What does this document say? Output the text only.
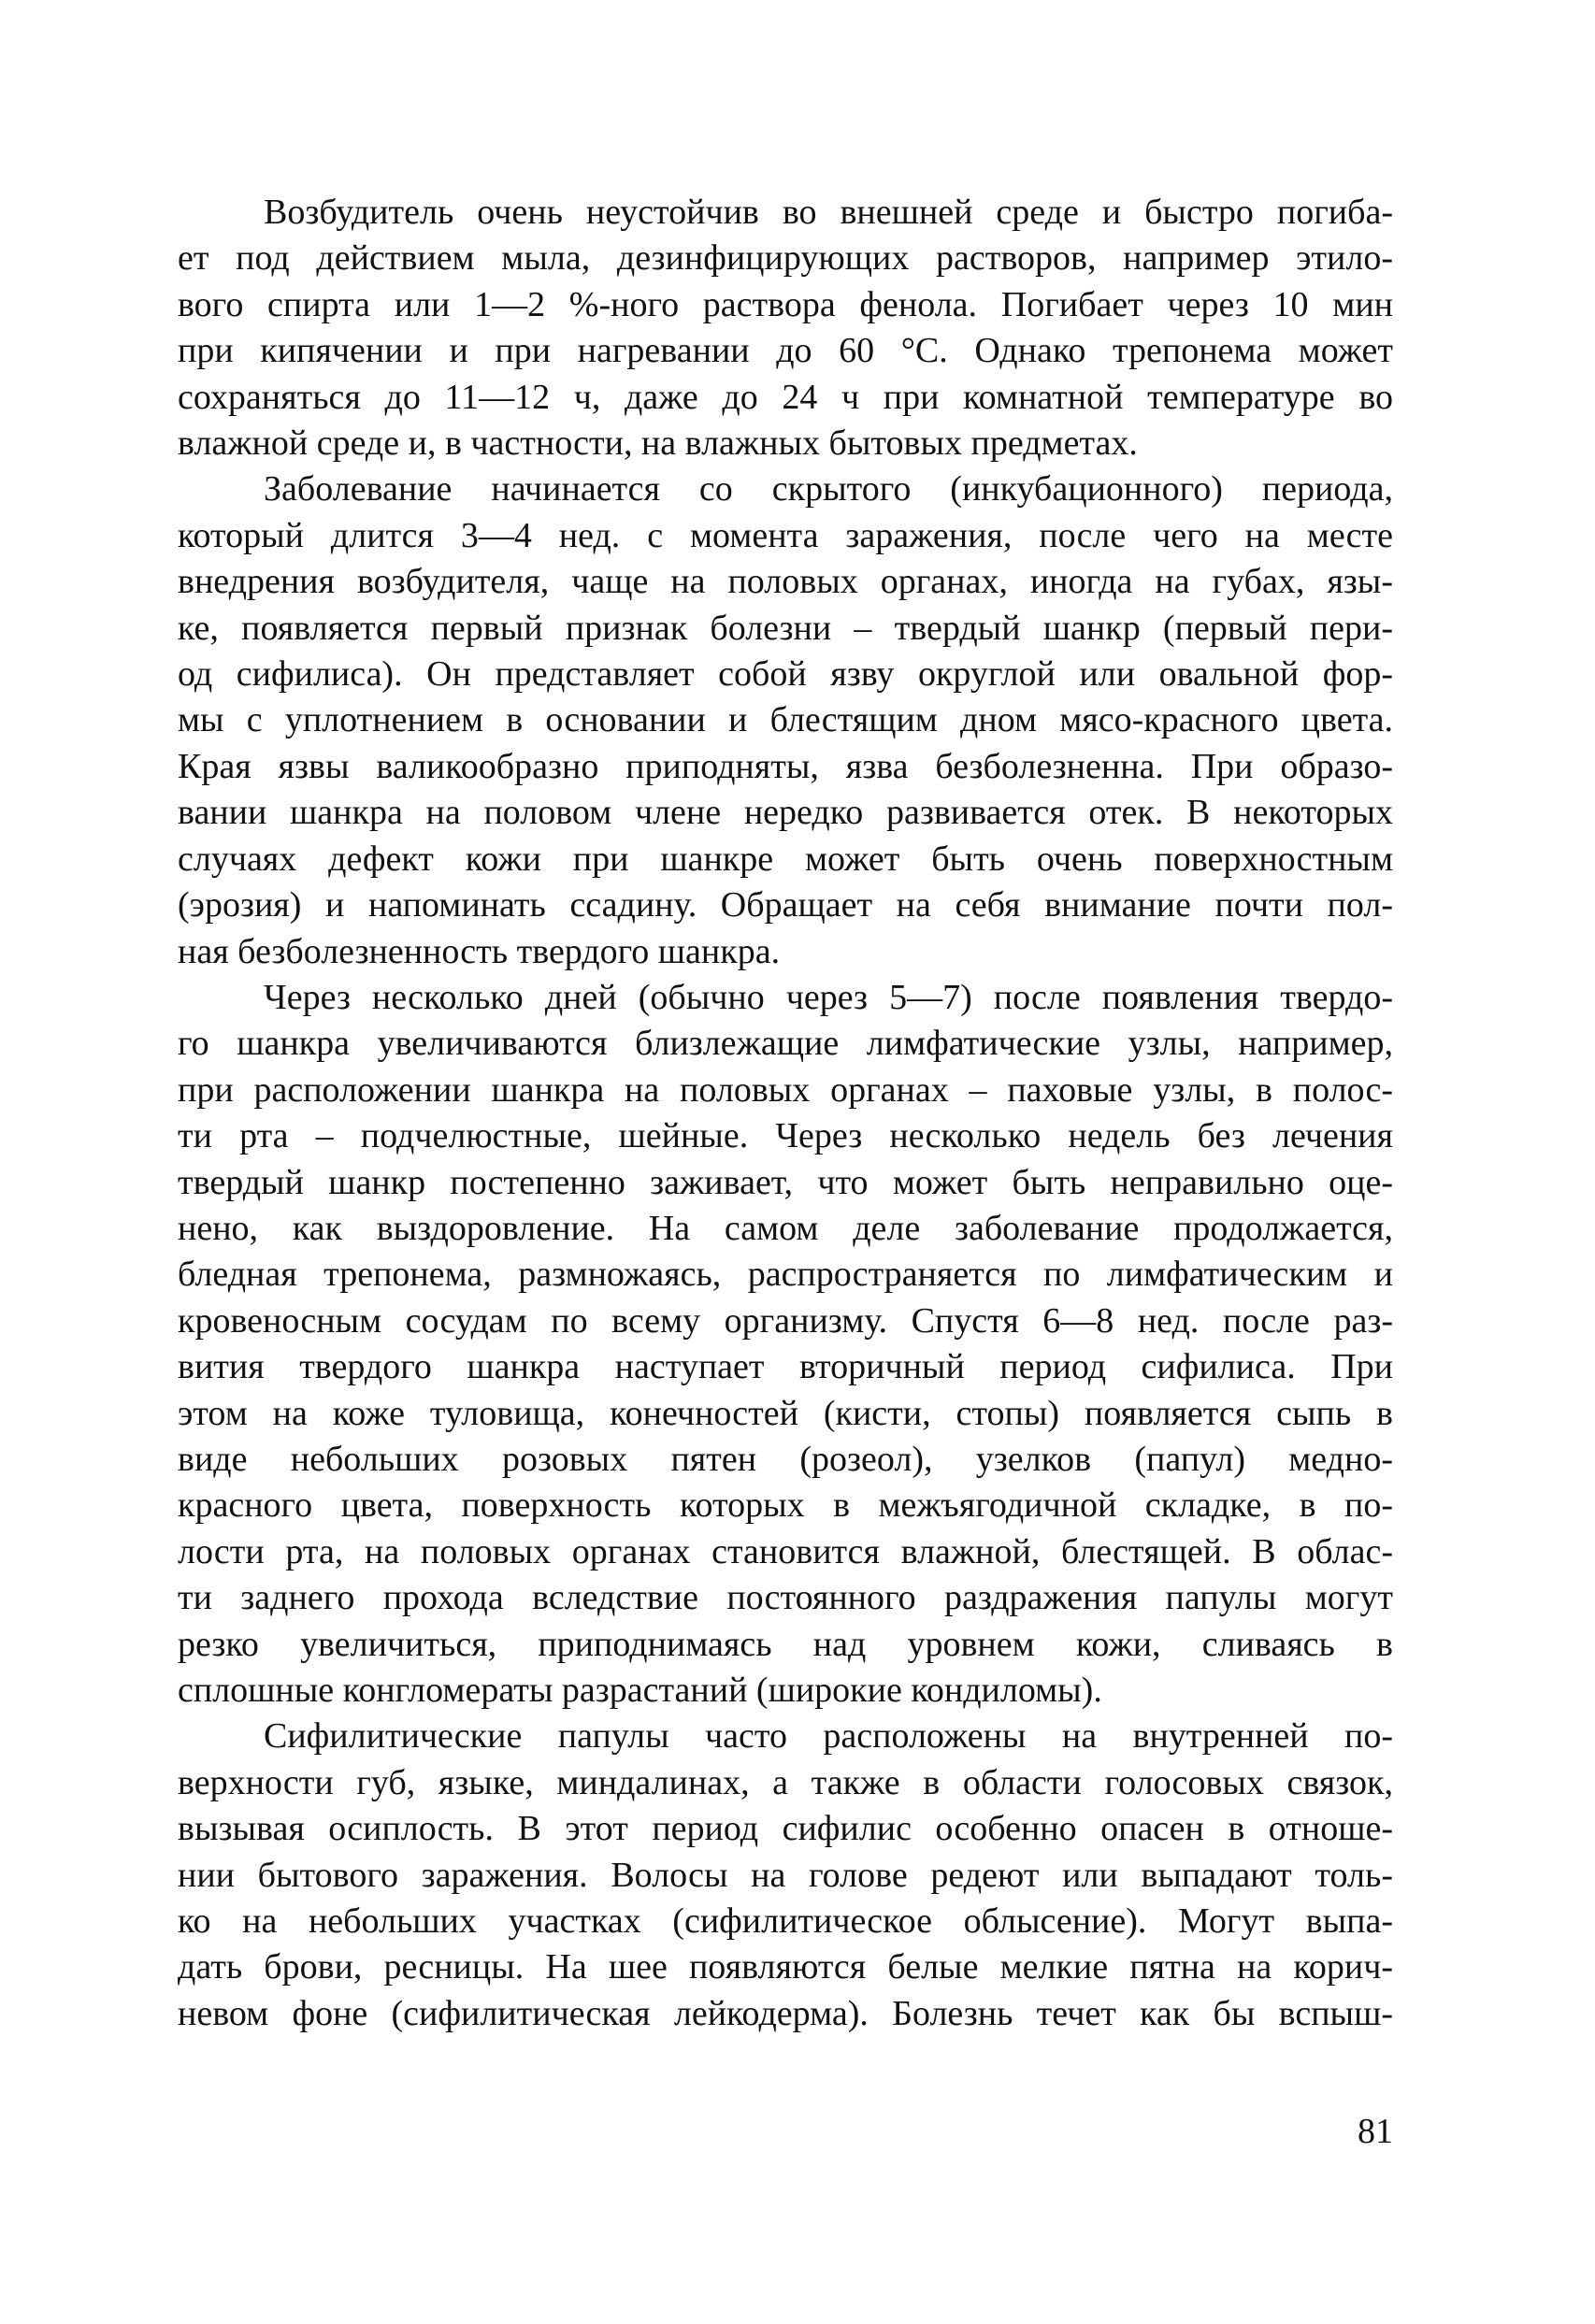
Возбудитель очень неустойчив во внешней среде и быстро погиба-
ет под действием мыла, дезинфицирующих растворов, например этило-
вого спирта или 1—2 %-ного раствора фенола. Погибает через 10 мин
при кипячении и при нагревании до 60 °С. Однако трепонема может
сохраняться до 11—12 ч, даже до 24 ч при комнатной температуре во
влажной среде и, в частности, на влажных бытовых предметах.

Заболевание начинается со скрытого (инкубационного) периода,
который длится 3—4 нед. с момента заражения, после чего на месте
внедрения возбудителя, чаще на половых органах, иногда на губах, язы-
ке, появляется первый признак болезни – твердый шанкр (первый пери-
од сифилиса). Он представляет собой язву округлой или овальной фор-
мы с уплотнением в основании и блестящим дном мясо-красного цвета.
Края язвы валикообразно приподняты, язва безболезненна. При образо-
вании шанкра на половом члене нередко развивается отек. В некоторых
случаях дефект кожи при шанкре может быть очень поверхностным
(эрозия) и напоминать ссадину. Обращает на себя внимание почти пол-
ная безболезненность твердого шанкра.

Через несколько дней (обычно через 5—7) после появления твердо-
го шанкра увеличиваются близлежащие лимфатические узлы, например,
при расположении шанкра на половых органах – паховые узлы, в полос-
ти рта – подчелюстные, шейные. Через несколько недель без лечения
твердый шанкр постепенно заживает, что может быть неправильно оце-
нено, как выздоровление. На самом деле заболевание продолжается,
бледная трепонема, размножаясь, распространяется по лимфатическим и
кровеносным сосудам по всему организму. Спустя 6—8 нед. после раз-
вития твердого шанкра наступает вторичный период сифилиса. При
этом на коже туловища, конечностей (кисти, стопы) появляется сыпь в
виде небольших розовых пятен (розеол), узелков (папул) медно-
красного цвета, поверхность которых в межъягодичной складке, в по-
лости рта, на половых органах становится влажной, блестящей. В облас-
ти заднего прохода вследствие постоянного раздражения папулы могут
резко увеличиться, приподнимаясь над уровнем кожи, сливаясь в
сплошные конгломераты разрастаний (широкие кондиломы).

Сифилитические папулы часто расположены на внутренней по-
верхности губ, языке, миндалинах, а также в области голосовых связок,
вызывая осиплость. В этот период сифилис особенно опасен в отноше-
нии бытового заражения. Волосы на голове редеют или выпадают толь-
ко на небольших участках (сифилитическое облысение). Могут выпа-
дать брови, ресницы. На шее появляются белые мелкие пятна на корич-
невом фоне (сифилитическая лейкодерма). Болезнь течет как бы вспыш-

81
